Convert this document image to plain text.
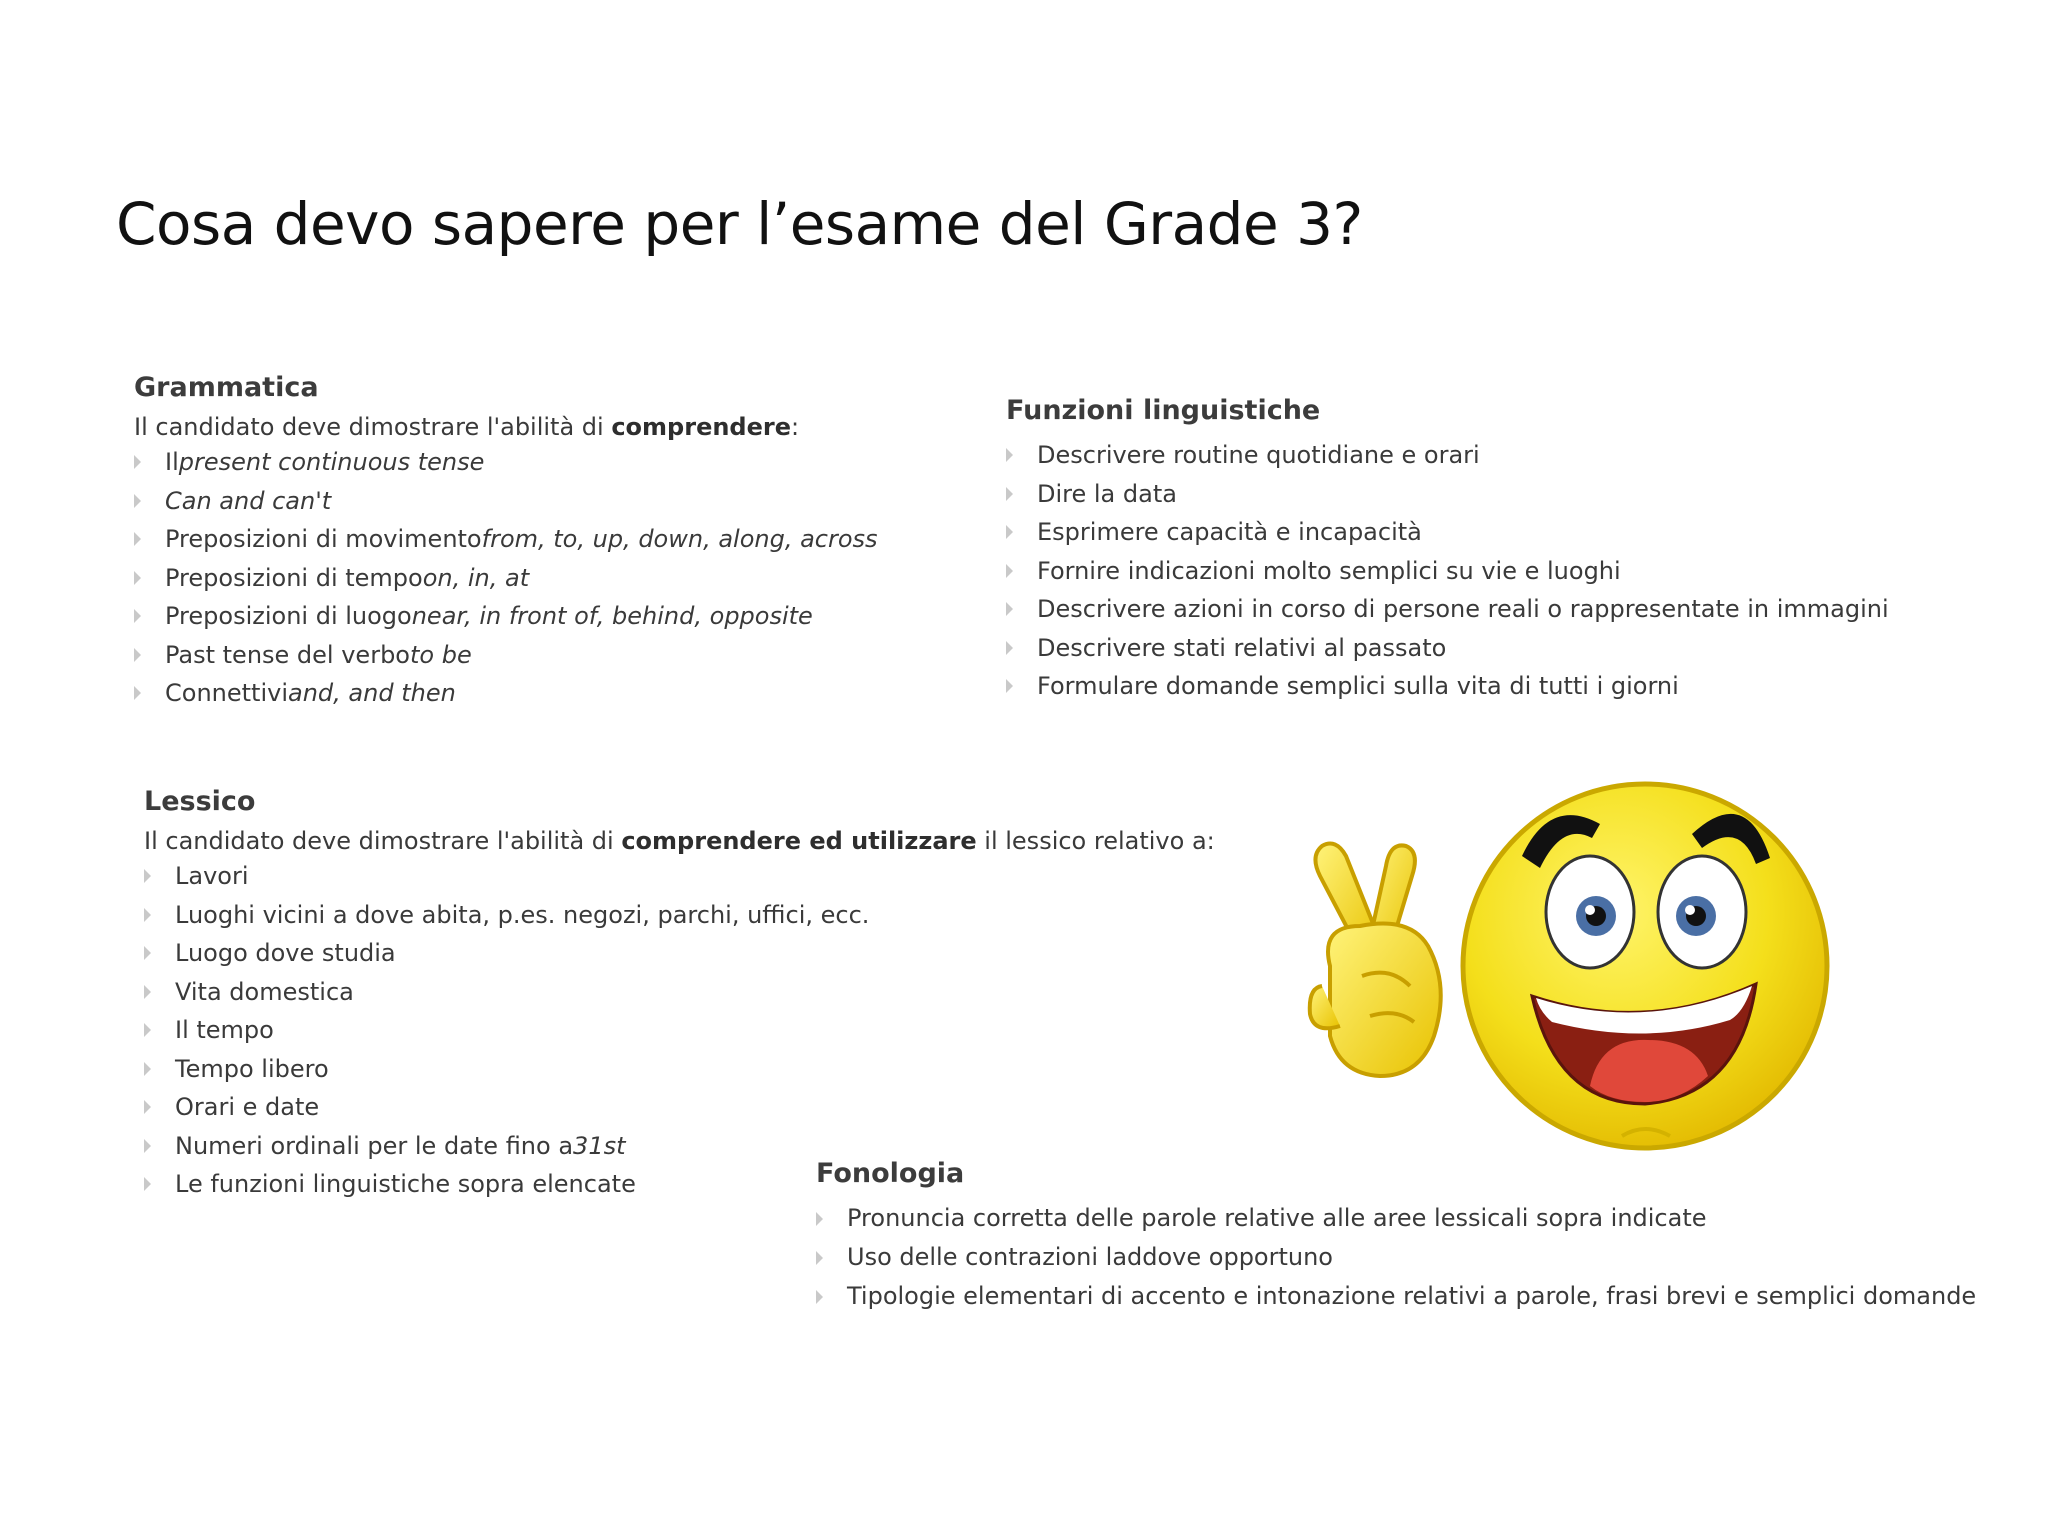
Cosa devo sapere per l’esame del Grade 3?
Grammatica
Il candidato deve dimostrare l'abilità di comprendere:
Il present continuous tense
Can and can't
Preposizioni di movimento from, to, up, down, along, across
Preposizioni di tempo on, in, at
Preposizioni di luogo near, in front of, behind, opposite
Past tense del verbo to be
Connettivi and, and then
Funzioni linguistiche
Descrivere routine quotidiane e orari
Dire la data
Esprimere capacità e incapacità
Fornire indicazioni molto semplici su vie e luoghi
Descrivere azioni in corso di persone reali o rappresentate in immagini
Descrivere stati relativi al passato
Formulare domande semplici sulla vita di tutti i giorni
Lessico
Il candidato deve dimostrare l'abilità di comprendere ed utilizzare il lessico relativo a:
Lavori
Luoghi vicini a dove abita, p.es. negozi, parchi, uffici, ecc.
Luogo dove studia
Vita domestica
Il tempo
Tempo libero
Orari e date
Numeri ordinali per le date fino a 31st
Le funzioni linguistiche sopra elencate	Fonologia
Pronuncia corretta delle parole relative alle aree lessicali sopra indicate
Uso delle contrazioni laddove opportuno
Tipologie elementari di accento e intonazione relativi a parole, frasi brevi e semplici domande
